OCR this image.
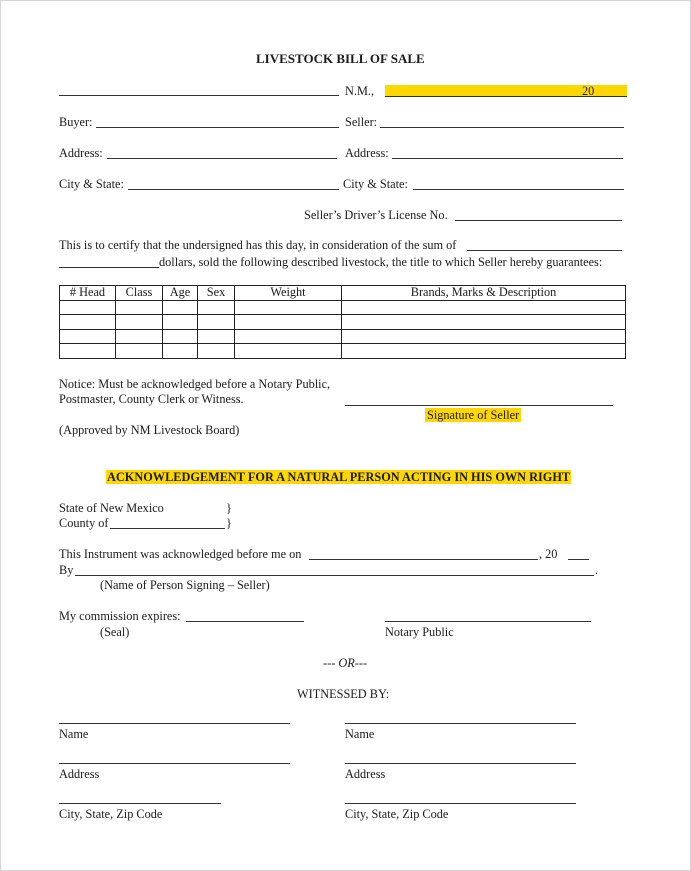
LIVESTOCK BILL OF SALE
N.M.,	20
Buyer:	Seller:
Address:	Address:
City & State:	City & State:
Seller’s Driver’s License No.
This is to certify that the undersigned has this day, in consideration of the sum of
dollars, sold the following described livestock, the title to which Seller hereby guarantees:
# Head	Class	Age	Sex	Weight	Brands, Marks & Description

Notice: Must be acknowledged before a Notary Public,
Postmaster, County Clerk or Witness.
Signature of Seller
(Approved by NM Livestock Board)
ACKNOWLEDGEMENT FOR A NATURAL PERSON ACTING IN HIS OWN RIGHT
State of New Mexico	}
County of	}
This Instrument was acknowledged before me on	, 20
By	.
(Name of Person Signing – Seller)
My commission expires:
(Seal)	Notary Public
--- OR---
WITNESSED BY:
Name	Name
Address	Address
City, State, Zip Code	City, State, Zip Code
